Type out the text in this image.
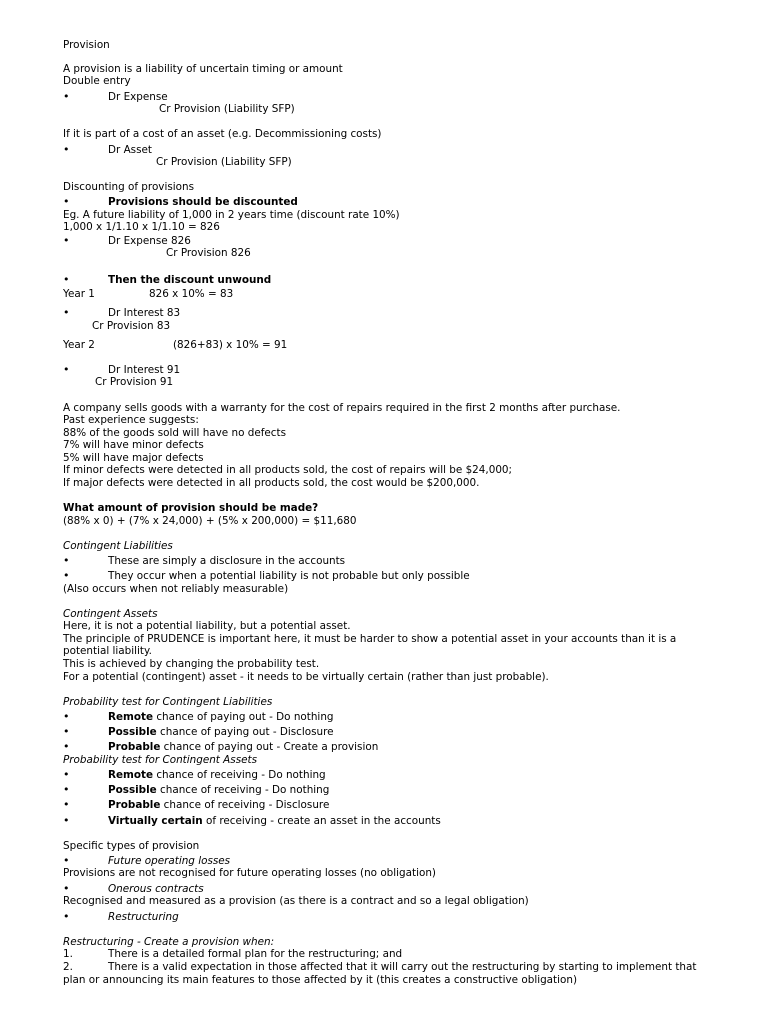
Provision
A provision is a liability of uncertain timing or amount
Double entry
•	Dr Expense
Cr Provision (Liability SFP)
If it is part of a cost of an asset (e.g. Decommissioning costs)
•	Dr Asset
Cr Provision (Liability SFP)
Discounting of provisions
•	Provisions should be discounted
Eg. A future liability of 1,000 in 2 years time (discount rate 10%)
1,000 x 1/1.10 x 1/1.10 = 826
•	Dr Expense 826
Cr Provision 826
•	Then the discount unwound
Year 1	826 x 10% = 83
•	Dr Interest 83
Cr Provision 83
Year 2	(826+83) x 10% = 91
•	Dr Interest 91
Cr Provision 91
A company sells goods with a warranty for the cost of repairs required in the first 2 months after purchase.
Past experience suggests:
88% of the goods sold will have no defects
7% will have minor defects
5% will have major defects
If minor defects were detected in all products sold, the cost of repairs will be $24,000;
If major defects were detected in all products sold, the cost would be $200,000.
What amount of provision should be made?
(88% x 0) + (7% x 24,000) + (5% x 200,000) = $11,680
Contingent Liabilities
•	These are simply a disclosure in the accounts
•	They occur when a potential liability is not probable but only possible
(Also occurs when not reliably measurable)
Contingent Assets
Here, it is not a potential liability, but a potential asset.
The principle of PRUDENCE is important here, it must be harder to show a potential asset in your accounts than it is a
potential liability.
This is achieved by changing the probability test.
For a potential (contingent) asset - it needs to be virtually certain (rather than just probable).
Probability test for Contingent Liabilities
•	Remote chance of paying out - Do nothing
•	Possible chance of paying out - Disclosure
•	Probable chance of paying out - Create a provision
Probability test for Contingent Assets
•	Remote chance of receiving - Do nothing
•	Possible chance of receiving - Do nothing
•	Probable chance of receiving - Disclosure
•	Virtually certain of receiving - create an asset in the accounts
Specific types of provision
•	Future operating losses
Provisions are not recognised for future operating losses (no obligation)
•	Onerous contracts
Recognised and measured as a provision (as there is a contract and so a legal obligation)
•	Restructuring
Restructuring - Create a provision when:
1.	There is a detailed formal plan for the restructuring; and
2.	There is a valid expectation in those affected that it will carry out the restructuring by starting to implement that
plan or announcing its main features to those affected by it (this creates a constructive obligation)
